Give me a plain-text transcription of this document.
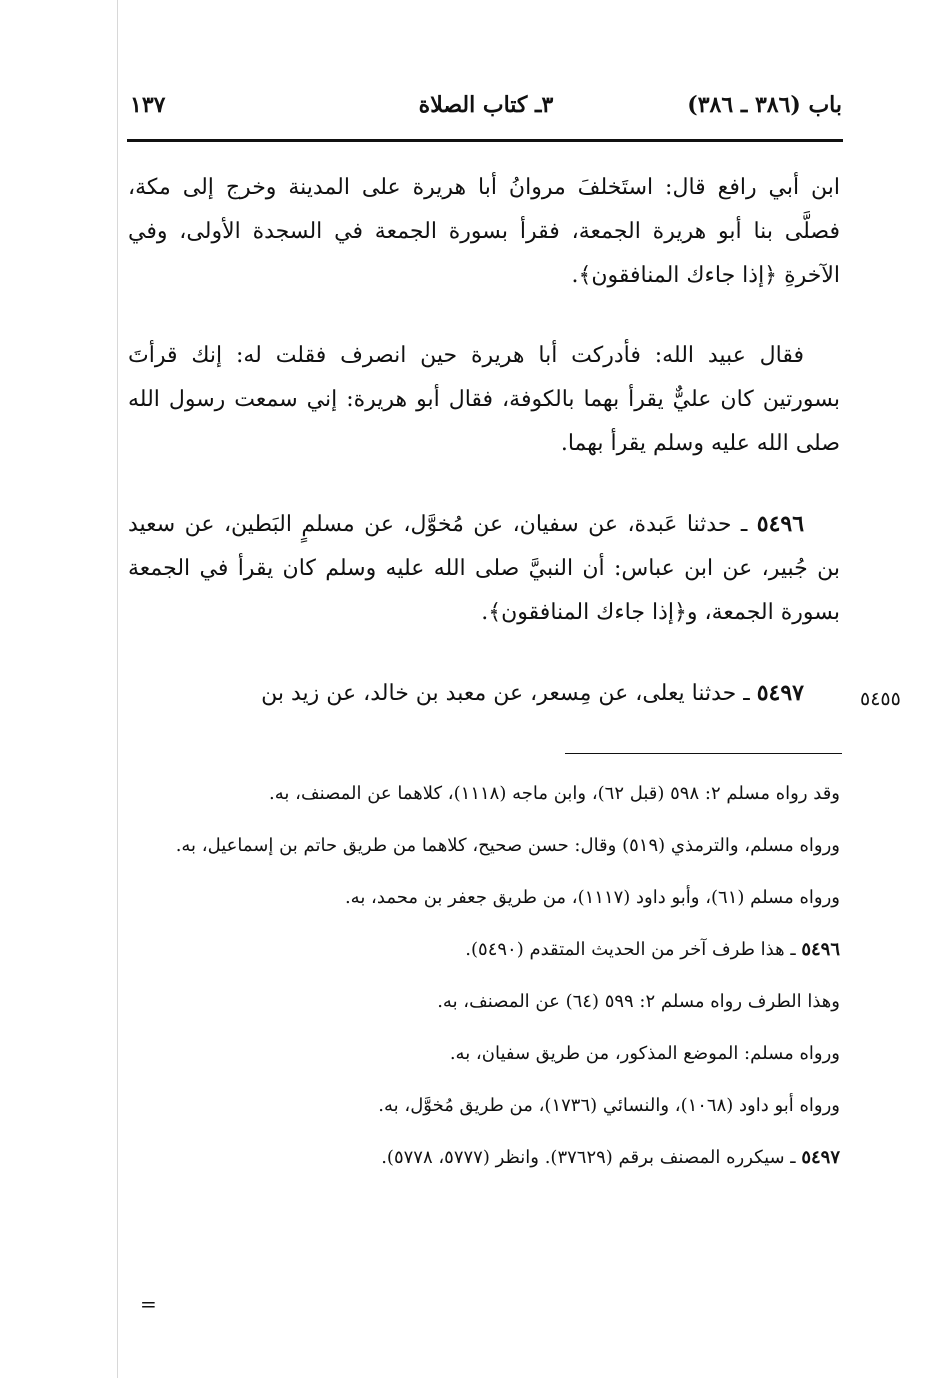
باب (٣٨٦ ـ ٣٨٦)
٣ـ كتاب الصلاة
١٣٧

ابن أبي رافع قال: استَخلفَ مروانُ أبا هريرة على المدينة وخرج إلى مكة، فصلَّى بنا أبو هريرة الجمعة، فقرأ بسورة الجمعة في السجدة الأولى، وفي الآخرةِ ﴿إذا جاءك المنافقون﴾.

فقال عبيد الله: فأدركت أبا هريرة حين انصرف فقلت له: إنك قرأتَ بسورتين كان عليٌّ يقرأ بهما بالكوفة، فقال أبو هريرة: إني سمعت رسول الله صلى الله عليه وسلم يقرأ بهما.

٥٤٩٦ ـ حدثنا عَبدة، عن سفيان، عن مُخوَّل، عن مسلمٍ البَطين، عن سعيد بن جُبير، عن ابن عباس: أن النبيَّ صلى الله عليه وسلم كان يقرأ في الجمعة بسورة الجمعة، و﴿إذا جاءك المنافقون﴾.

٥٤٩٧ ـ حدثنا يعلى، عن مِسعر، عن معبد بن خالد، عن زيد بن	٥٤٥٥

وقد رواه مسلم ٢: ٥٩٨ (قبل ٦٢)، وابن ماجه (١١١٨)، كلاهما عن المصنف، به.

ورواه مسلم، والترمذي (٥١٩) وقال: حسن صحيح، كلاهما من طريق حاتم بن إسماعيل، به.

ورواه مسلم (٦١)، وأبو داود (١١١٧)، من طريق جعفر بن محمد، به.

٥٤٩٦ ـ هذا طرف آخر من الحديث المتقدم (٥٤٩٠).

وهذا الطرف رواه مسلم ٢: ٥٩٩ (٦٤) عن المصنف، به.

ورواه مسلم: الموضع المذكور، من طريق سفيان، به.

ورواه أبو داود (١٠٦٨)، والنسائي (١٧٣٦)، من طريق مُخوَّل، به.

٥٤٩٧ ـ سيكرره المصنف برقم (٣٧٦٢٩). وانظر (٥٧٧٧، ٥٧٧٨).

=
